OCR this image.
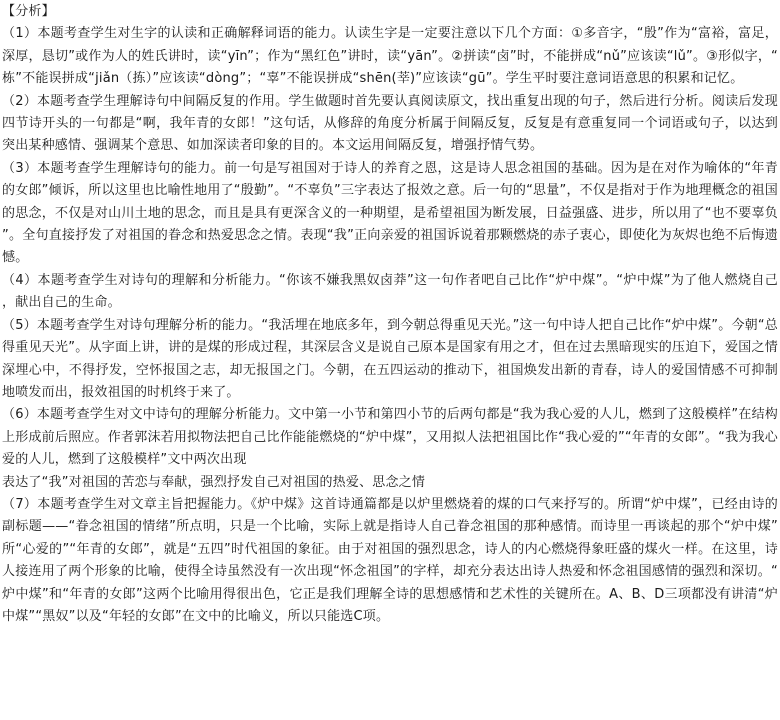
【分析】

（1）本题考查学生对生字的认读和正确解释词语的能力。认读生字是一定要注意以下几个方面：①多音字，“殷”作为“富裕，富足，深厚，恳切”或作为人的姓氏讲时，读“yīn”；作为“黑红色”讲时，读“yān”。②拼读“卤”时，不能拼成“nǔ”应该读“lǔ”。③形似字，“栋”不能误拼成“jiǎn（拣）”应该读“dòng”；“辜”不能误拼成“shēn(莘)”应该读“gū”。学生平时要注意词语意思的积累和记忆。

（2）本题考查学生理解诗句中间隔反复的作用。学生做题时首先要认真阅读原文，找出重复出现的句子，然后进行分析。阅读后发现四节诗开头的一句都是“啊，我年青的女郎！”这句话，从修辞的角度分析属于间隔反复，反复是有意重复同一个词语或句子，以达到突出某种感情、强调某个意思、如加深读者印象的目的。本文运用间隔反复，增强抒情气势。

（3）本题考查学生理解诗句的能力。前一句是写祖国对于诗人的养育之恩，这是诗人思念祖国的基础。因为是在对作为喻体的“年青的女郎”倾诉，所以这里也比喻性地用了“殷勤”。“不辜负”三字表达了报效之意。后一句的“思量”，不仅是指对于作为地理概念的祖国的思念，不仅是对山川土地的思念，而且是具有更深含义的一种期望，是希望祖国为断发展，日益强盛、进步，所以用了“也不要辜负”。全句直接抒发了对祖国的眷念和热爱思念之情。表现“我”正向亲爱的祖国诉说着那颗燃烧的赤子衷心，即使化为灰烬也绝不后悔遗憾。

（4）本题考查学生对诗句的理解和分析能力。“你该不嫌我黑奴卤莽”这一句作者吧自己比作“炉中煤”。“炉中煤”为了他人燃烧自己，献出自己的生命。

（5）本题考查学生对诗句理解分析的能力。“我活埋在地底多年，到今朝总得重见天光。”这一句中诗人把自己比作“炉中煤”。今朝“总得重见天光”。从字面上讲，讲的是煤的形成过程，其深层含义是说自己原本是国家有用之才，但在过去黑暗现实的压迫下，爱国之情深埋心中，不得抒发，空怀报国之志，却无报国之门。今朝，在五四运动的推动下，祖国焕发出新的青春，诗人的爱国情感不可抑制地喷发而出，报效祖国的时机终于来了。

（6）本题考查学生对文中诗句的理解分析能力。文中第一小节和第四小节的后两句都是“我为我心爱的人儿，燃到了这般模样”在结构上形成前后照应。作者郭沫若用拟物法把自己比作能能燃烧的“炉中煤”，又用拟人法把祖国比作“我心爱的”“年青的女郎”。“我为我心爱的人儿，燃到了这般模样”文中两次出现

表达了“我”对祖国的苦恋与奉献，强烈抒发自己对祖国的热爱、思念之情

（7）本题考查学生对文章主旨把握能力。《炉中煤》这首诗通篇都是以炉里燃烧着的煤的口气来抒写的。所谓“炉中煤”，已经由诗的副标题——“眷念祖国的情绪”所点明，只是一个比喻，实际上就是指诗人自己眷念祖国的那种感情。而诗里一再谈起的那个“炉中煤”所“心爱的”“年青的女郎”，就是“五四”时代祖国的象征。由于对祖国的强烈思念，诗人的内心燃烧得象旺盛的煤火一样。在这里，诗人接连用了两个形象的比喻，使得全诗虽然没有一次出现“怀念祖国”的字样，却充分表达出诗人热爱和怀念祖国感情的强烈和深切。“炉中煤”和“年青的女郎”这两个比喻用得很出色，它正是我们理解全诗的思想感情和艺术性的关键所在。A、B、D三项都没有讲清“炉中煤”“黑奴”以及“年轻的女郎”在文中的比喻义，所以只能选C项。
